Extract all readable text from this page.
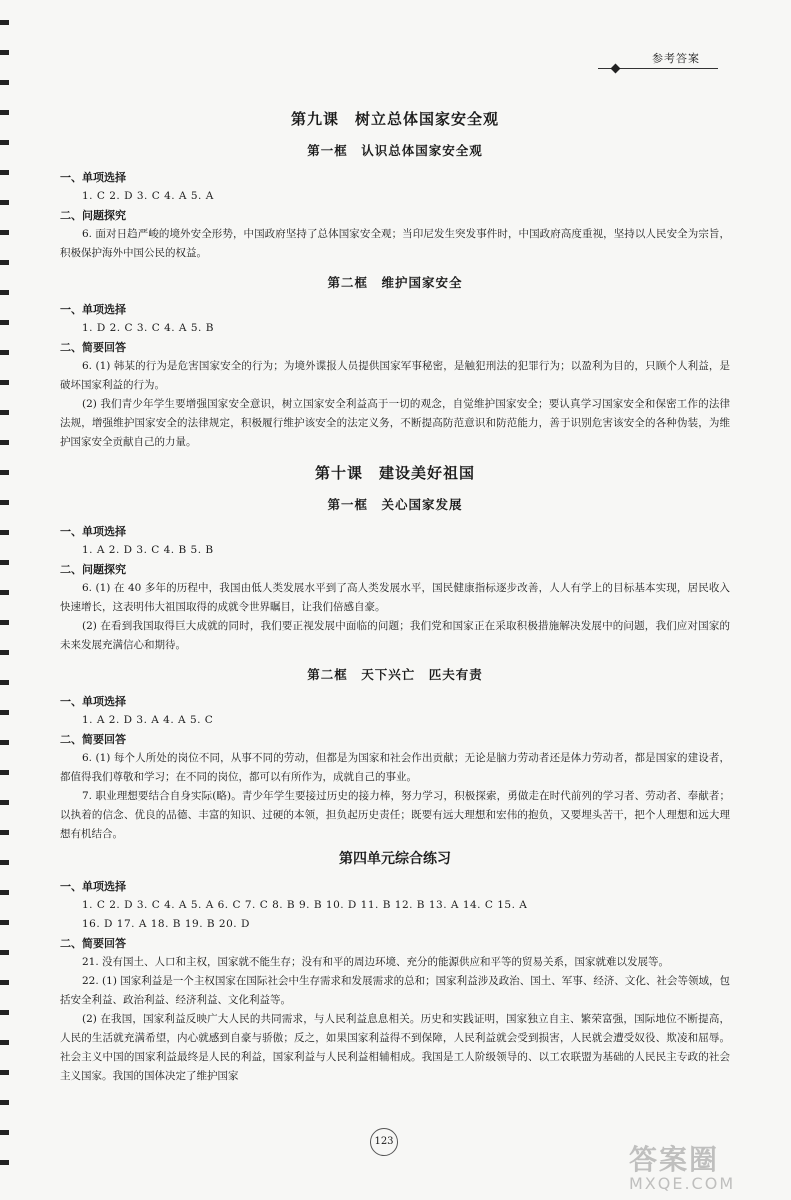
参考答案
第九课　树立总体国家安全观
第一框　认识总体国家安全观

一、单项选择

1. C 2. D 3. C 4. A 5. A

二、问题探究

6. 面对日趋严峻的境外安全形势，中国政府坚持了总体国家安全观；当印尼发生突发事件时，中国政府高度重视，坚持以人民安全为宗旨，积极保护海外中国公民的权益。

第二框　维护国家安全

一、单项选择

1. D 2. C 3. C 4. A 5. B

二、简要回答

6. (1) 韩某的行为是危害国家安全的行为；为境外谍报人员提供国家军事秘密，是触犯刑法的犯罪行为；以盈利为目的，只顾个人利益，是破坏国家利益的行为。

(2) 我们青少年学生要增强国家安全意识，树立国家安全利益高于一切的观念，自觉维护国家安全；要认真学习国家安全和保密工作的法律法规，增强维护国家安全的法律规定，积极履行维护该安全的法定义务，不断提高防范意识和防范能力，善于识别危害该安全的各种伪装，为维护国家安全贡献自己的力量。

第十课　建设美好祖国
第一框　关心国家发展

一、单项选择

1. A 2. D 3. C 4. B 5. B

二、问题探究

6. (1) 在 40 多年的历程中，我国由低人类发展水平到了高人类发展水平，国民健康指标逐步改善，人人有学上的目标基本实现，居民收入快速增长，这表明伟大祖国取得的成就令世界瞩目，让我们倍感自豪。

(2) 在看到我国取得巨大成就的同时，我们要正视发展中面临的问题；我们党和国家正在采取积极措施解决发展中的问题，我们应对国家的未来发展充满信心和期待。

第二框　天下兴亡　匹夫有责

一、单项选择

1. A 2. D 3. A 4. A 5. C

二、简要回答

6. (1) 每个人所处的岗位不同，从事不同的劳动，但都是为国家和社会作出贡献；无论是脑力劳动者还是体力劳动者，都是国家的建设者，都值得我们尊敬和学习；在不同的岗位，都可以有所作为，成就自己的事业。

7. 职业理想要结合自身实际(略)。青少年学生要接过历史的接力棒，努力学习，积极探索，勇做走在时代前列的学习者、劳动者、奉献者；以执着的信念、优良的品德、丰富的知识、过硬的本领，担负起历史责任；既要有远大理想和宏伟的抱负，又要埋头苦干，把个人理想和远大理想有机结合。

第四单元综合练习

一、单项选择

1. C 2. D 3. C 4. A 5. A 6. C 7. C 8. B 9. B 10. D 11. B 12. B 13. A 14. C 15. A

16. D 17. A 18. B 19. B 20. D

二、简要回答

21. 没有国土、人口和主权，国家就不能生存；没有和平的周边环境、充分的能源供应和平等的贸易关系，国家就难以发展等。

22. (1) 国家利益是一个主权国家在国际社会中生存需求和发展需求的总和；国家利益涉及政治、国土、军事、经济、文化、社会等领域，包括安全利益、政治利益、经济利益、文化利益等。

(2) 在我国，国家利益反映广大人民的共同需求，与人民利益息息相关。历史和实践证明，国家独立自主、繁荣富强，国际地位不断提高，人民的生活就充满希望，内心就感到自豪与骄傲；反之，如果国家利益得不到保障，人民利益就会受到损害，人民就会遭受奴役、欺凌和屈辱。社会主义中国的国家利益最终是人民的利益，国家利益与人民利益相辅相成。我国是工人阶级领导的、以工农联盟为基础的人民民主专政的社会主义国家。我国的国体决定了维护国家

123
答案圈
MXQE.COM
